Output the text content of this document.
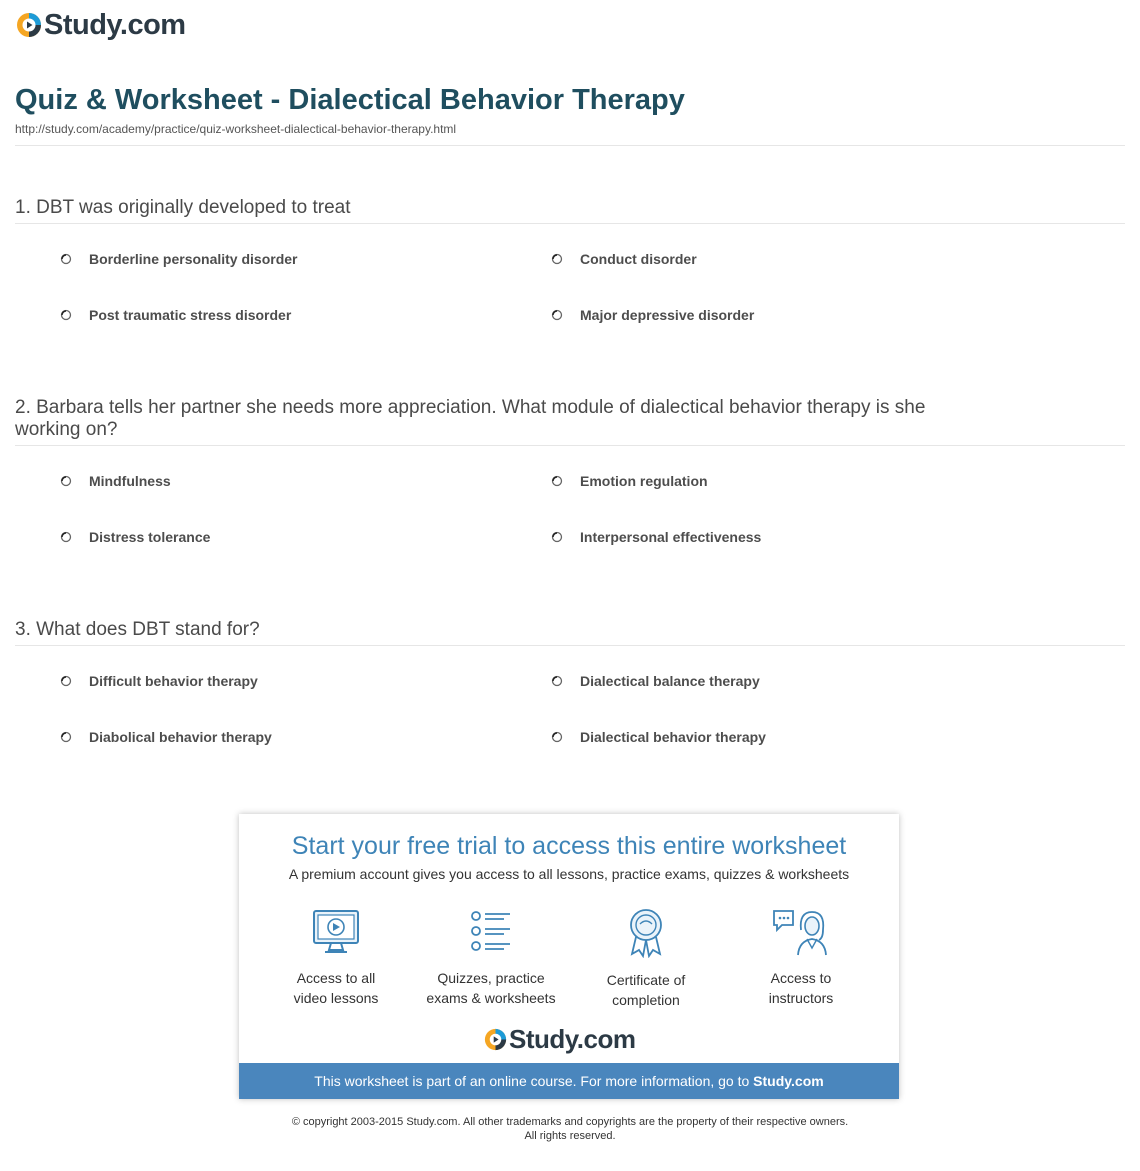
Study.com
Quiz & Worksheet - Dialectical Behavior Therapy
http://study.com/academy/practice/quiz-worksheet-dialectical-behavior-therapy.html
1. DBT was originally developed to treat
Borderline personality disorder	Conduct disorder
Post traumatic stress disorder	Major depressive disorder
2. Barbara tells her partner she needs more appreciation. What module of dialectical behavior therapy is she working on?
Mindfulness	Emotion regulation
Distress tolerance	Interpersonal effectiveness
3. What does DBT stand for?
Difficult behavior therapy	Dialectical balance therapy
Diabolical behavior therapy	Dialectical behavior therapy
Start your free trial to access this entire worksheet
A premium account gives you access to all lessons, practice exams, quizzes & worksheets
Access to all
video lessons
Quizzes, practice
exams & worksheets
Certificate of
completion
Access to
instructors
Study.com
This worksheet is part of an online course. For more information, go to Study.com
© copyright 2003-2015 Study.com. All other trademarks and copyrights are the property of their respective owners.
All rights reserved.
